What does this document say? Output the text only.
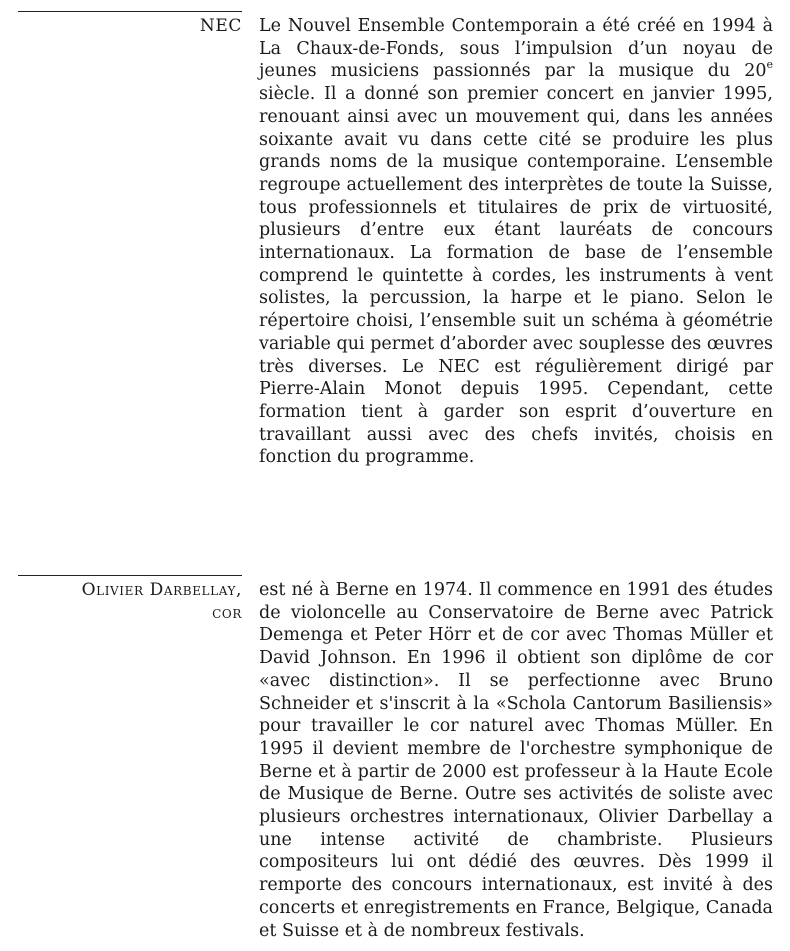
NEC Le Nouvel Ensemble Contemporain a été créé en 1994 à La Chaux-de-Fonds, sous l’impulsion d’un noyau de jeunes musiciens passionnés par la musique du 20e siècle. Il a donné son premier concert en janvier 1995, renouant ainsi avec un mouvement qui, dans les années soixante avait vu dans cette cité se produire les plus grands noms de la musique contemporaine. L’ensemble regroupe actuellement des interprètes de toute la Suisse, tous professionnels et titulaires de prix de virtuosité, plusieurs d’entre eux étant lauréats de concours internationaux. La formation de base de l’ensemble comprend le quintette à cordes, les instruments à vent solistes, la percussion, la harpe et le piano. Selon le répertoire choisi, l’ensemble suit un schéma à géométrie variable qui permet d’aborder avec souplesse des œuvres très diverses. Le NEC est régulièrement dirigé par Pierre-Alain Monot depuis 1995. Cependant, cette formation tient à garder son esprit d’ouverture en travaillant aussi avec des chefs invités, choisis en fonction du programme.

Olivier Darbellay,
cor

est né à Berne en 1974. Il commence en 1991 des études de violoncelle au Conservatoire de Berne avec Patrick Demenga et Peter Hörr et de cor avec Thomas Müller et David Johnson. En 1996 il obtient son diplôme de cor «avec distinction». Il se perfectionne avec Bruno Schneider et s'inscrit à la «Schola Cantorum Basiliensis» pour travailler le cor naturel avec Thomas Müller. En 1995 il devient membre de l'orchestre symphonique de Berne et à partir de 2000 est professeur à la Haute Ecole de Musique de Berne. Outre ses activités de soliste avec plusieurs orchestres internationaux, Olivier Darbellay a une intense activité de chambriste. Plusieurs compositeurs lui ont dédié des œuvres. Dès 1999 il remporte des concours internationaux, est invité à des concerts et enregistrements en France, Belgique, Canada et Suisse et à de nombreux festivals.
